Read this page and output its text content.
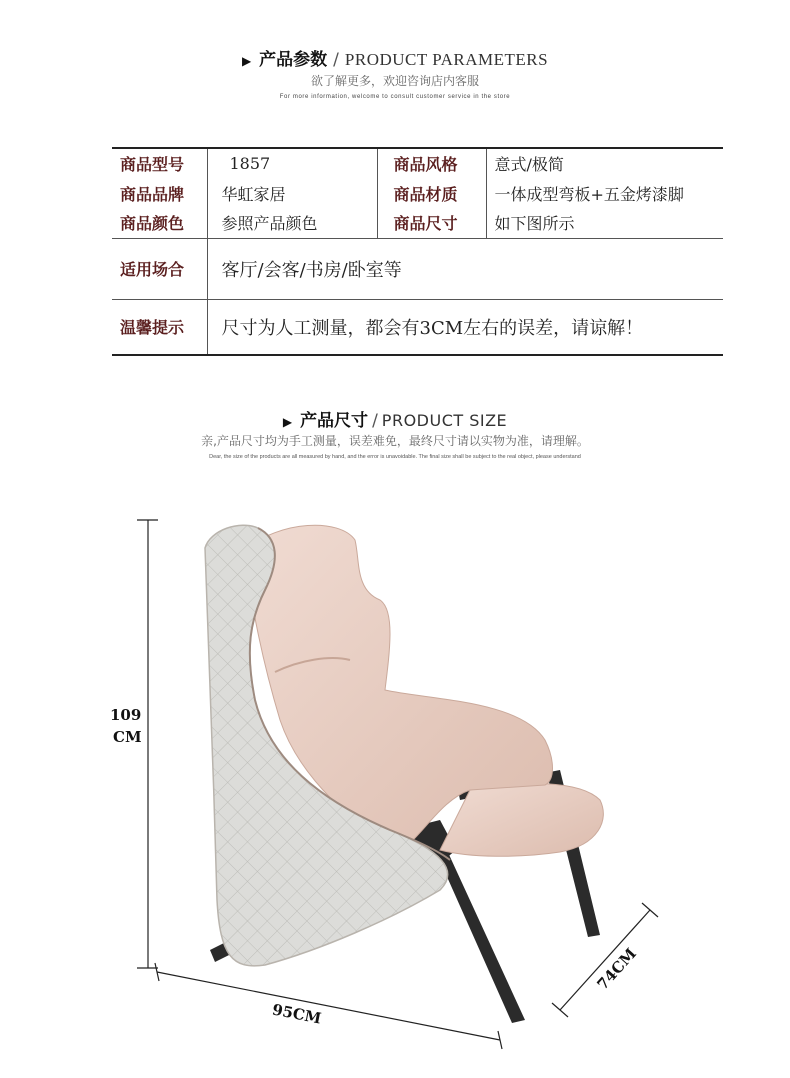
▶ 产品参数 / PRODUCT PARAMETERS
欲了解更多，欢迎咨询店内客服
For more information, welcome to consult customer service in the store
商品型号	1857	商品风格	意式/极简
商品品牌	华虹家居	商品材质	一体成型弯板+五金烤漆脚
商品颜色	参照产品颜色	商品尺寸	如下图所示
适用场合	客厅/会客/书房/卧室等		
温馨提示	尺寸为人工测量，都会有3CM左右的误差，请谅解！		
▶ 产品尺寸 / PRODUCT SIZE
亲,产品尺寸均为手工测量，误差难免，最终尺寸请以实物为准，请理解。
Dear, the size of the products are all measured by hand, and the error is unavoidable. The final size shall be subject to the real object, please understand
109
CM
95CM
74CM
